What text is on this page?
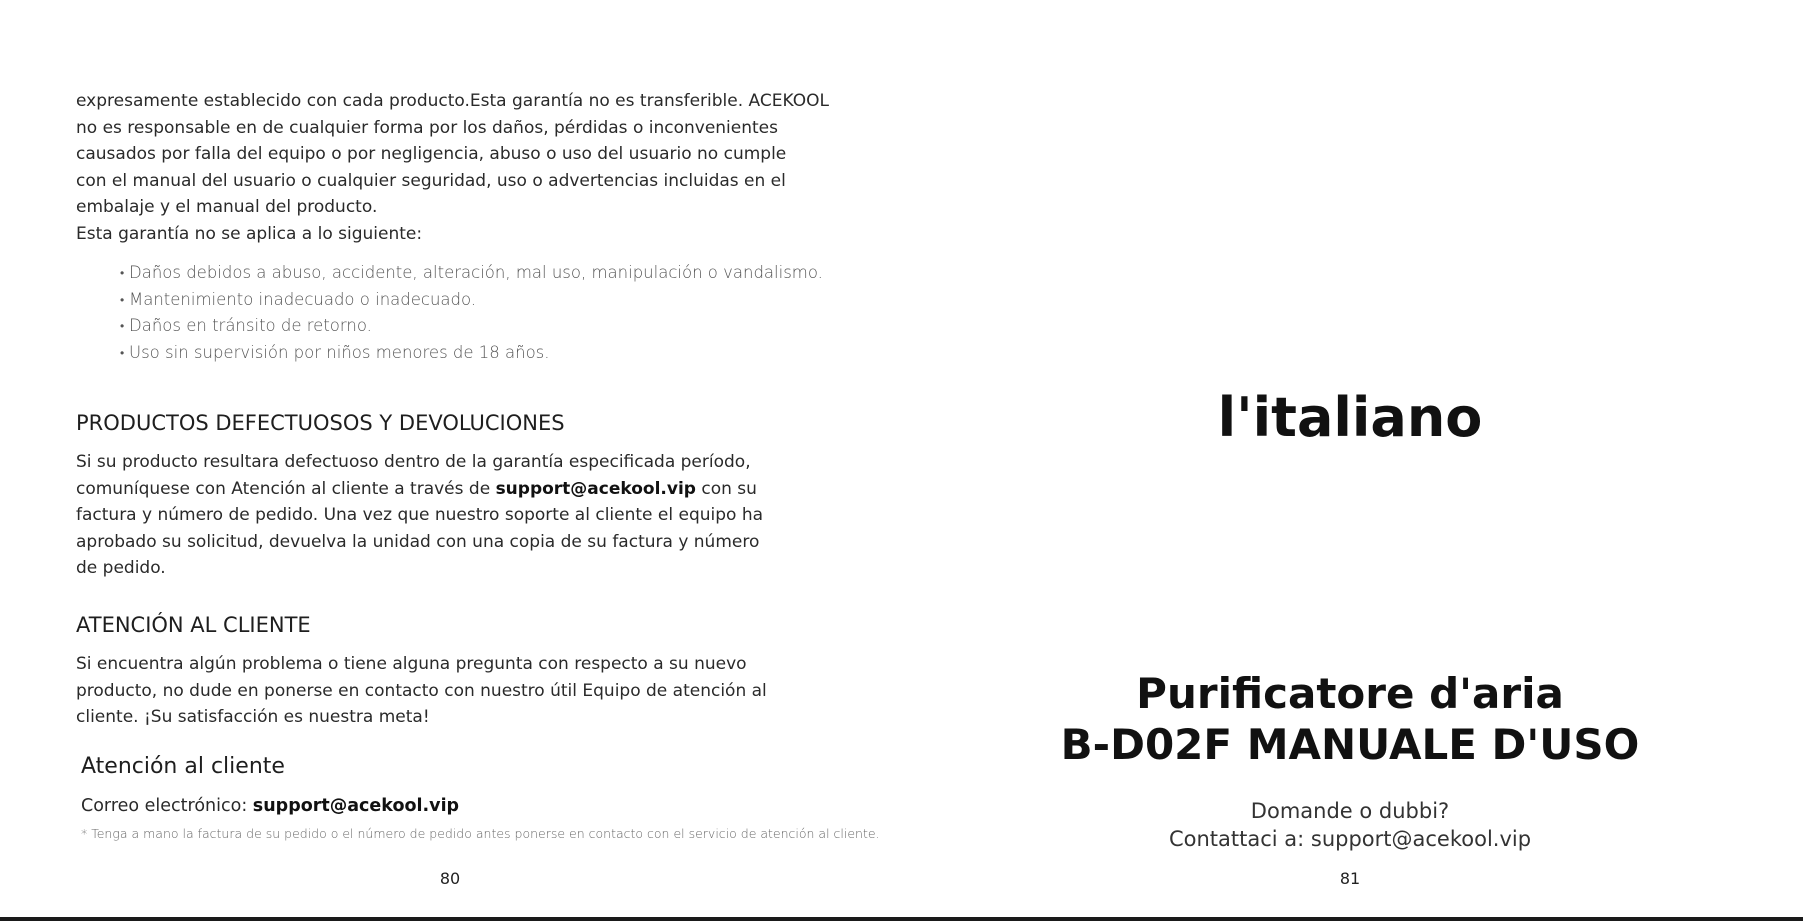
expresamente establecido con cada producto.Esta garantía no es transferible. ACEKOOL
no es responsable en de cualquier forma por los daños, pérdidas o inconvenientes
causados por falla del equipo o por negligencia, abuso o uso del usuario no cumple
con el manual del usuario o cualquier seguridad, uso o advertencias incluidas en el
embalaje y el manual del producto.
Esta garantía no se aplica a lo siguiente:
• Daños debidos a abuso, accidente, alteración, mal uso, manipulación o vandalismo.
• Mantenimiento inadecuado o inadecuado.
• Daños en tránsito de retorno.
• Uso sin supervisión por niños menores de 18 años.
PRODUCTOS DEFECTUOSOS Y DEVOLUCIONES
Si su producto resultara defectuoso dentro de la garantía especificada período,
comuníquese con Atención al cliente a través de support@acekool.vip con su
factura y número de pedido. Una vez que nuestro soporte al cliente el equipo ha
aprobado su solicitud, devuelva la unidad con una copia de su factura y número
de pedido.
ATENCIÓN AL CLIENTE
Si encuentra algún problema o tiene alguna pregunta con respecto a su nuevo
producto, no dude en ponerse en contacto con nuestro útil Equipo de atención al
cliente. ¡Su satisfacción es nuestra meta!
Atención al cliente
Correo electrónico: support@acekool.vip
* Tenga a mano la factura de su pedido o el número de pedido antes ponerse en contacto con el servicio de atención al cliente.
80
l'italiano
Purificatore d'aria
B-D02F MANUALE D'USO
Domande o dubbi?
Contattaci a: support@acekool.vip
81
